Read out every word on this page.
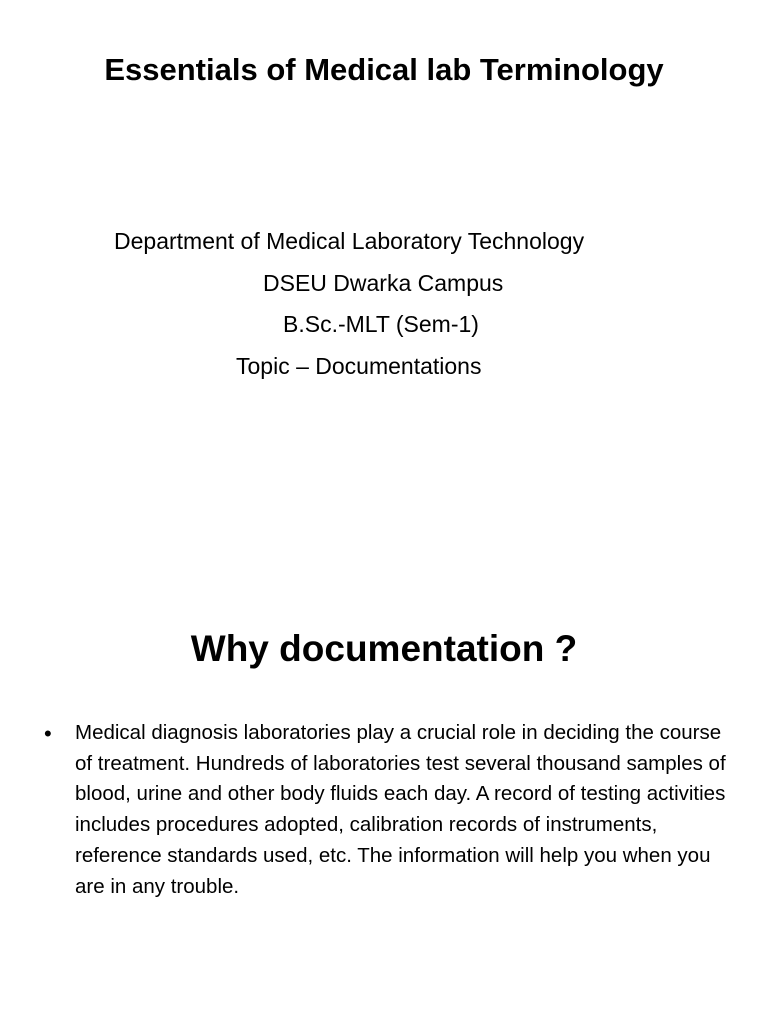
Essentials of Medical lab Terminology
Department of Medical Laboratory Technology
DSEU Dwarka Campus
B.Sc.-MLT (Sem-1)
Topic – Documentations
Why documentation ?
• Medical diagnosis laboratories play a crucial role in deciding the course of treatment. Hundreds of laboratories test several thousand samples of blood, urine and other body fluids each day. A record of testing activities includes procedures adopted, calibration records of instruments, reference standards used, etc. The information will help you when you are in any trouble.
